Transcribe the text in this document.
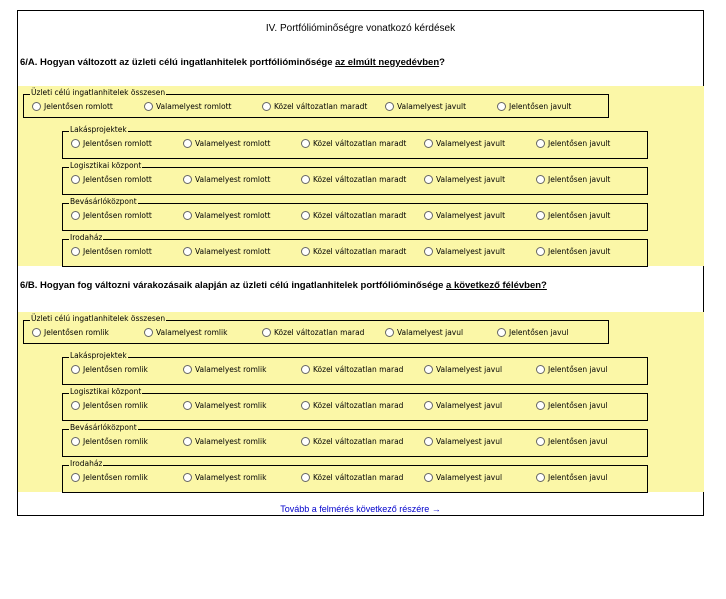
IV. Portfólióminőségre vonatkozó kérdések
6/A. Hogyan változott az üzleti célú ingatlanhitelek portfólióminősége az elmúlt negyedévben?
Üzleti célú ingatlanhitelek összesen
Jelentősen romlott	Valamelyest romlott	Közel változatlan maradt	Valamelyest javult	Jelentősen javult
Lakásprojektek
Jelentősen romlott	Valamelyest romlott	Közel változatlan maradt	Valamelyest javult	Jelentősen javult
Logisztikai központ
Jelentősen romlott	Valamelyest romlott	Közel változatlan maradt	Valamelyest javult	Jelentősen javult
Bevásárlóközpont
Jelentősen romlott	Valamelyest romlott	Közel változatlan maradt	Valamelyest javult	Jelentősen javult
Irodaház
Jelentősen romlott	Valamelyest romlott	Közel változatlan maradt	Valamelyest javult	Jelentősen javult
6/B. Hogyan fog változni várakozásaik alapján az üzleti célú ingatlanhitelek portfólióminősége a következő félévben?
Üzleti célú ingatlanhitelek összesen
Jelentősen romlik	Valamelyest romlik	Közel változatlan marad	Valamelyest javul	Jelentősen javul
Lakásprojektek
Jelentősen romlik	Valamelyest romlik	Közel változatlan marad	Valamelyest javul	Jelentősen javul
Logisztikai központ
Jelentősen romlik	Valamelyest romlik	Közel változatlan marad	Valamelyest javul	Jelentősen javul
Bevásárlóközpont
Jelentősen romlik	Valamelyest romlik	Közel változatlan marad	Valamelyest javul	Jelentősen javul
Irodaház
Jelentősen romlik	Valamelyest romlik	Közel változatlan marad	Valamelyest javul	Jelentősen javul
Tovább a felmérés következő részére →
